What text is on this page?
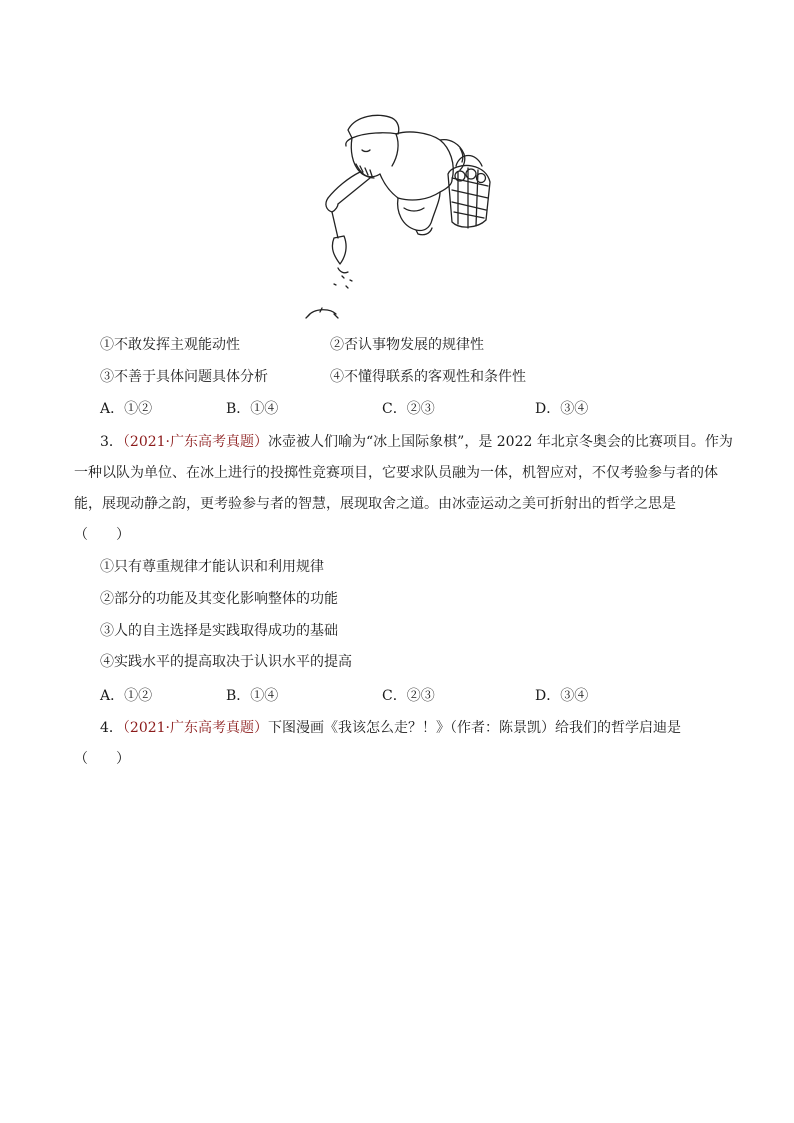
①不敢发挥主观能动性	②否认事物发展的规律性
③不善于具体问题具体分析	④不懂得联系的客观性和条件性
A．①②	B．①④	C．②③	D．③④
3．（2021·广东高考真题）冰壶被人们喻为“冰上国际象棋”，是 2022 年北京冬奥会的比赛项目。作为
一种以队为单位、在冰上进行的投掷性竞赛项目，它要求队员融为一体，机智应对，不仅考验参与者的体
能，展现动静之韵，更考验参与者的智慧，展现取舍之道。由冰壶运动之美可折射出的哲学之思是
（　　）
①只有尊重规律才能认识和利用规律
②部分的功能及其变化影响整体的功能
③人的自主选择是实践取得成功的基础
④实践水平的提高取决于认识水平的提高
A．①②	B．①④	C．②③	D．③④
4．（2021·广东高考真题）下图漫画《我该怎么走？！》（作者：陈景凯）给我们的哲学启迪是
（　　）
